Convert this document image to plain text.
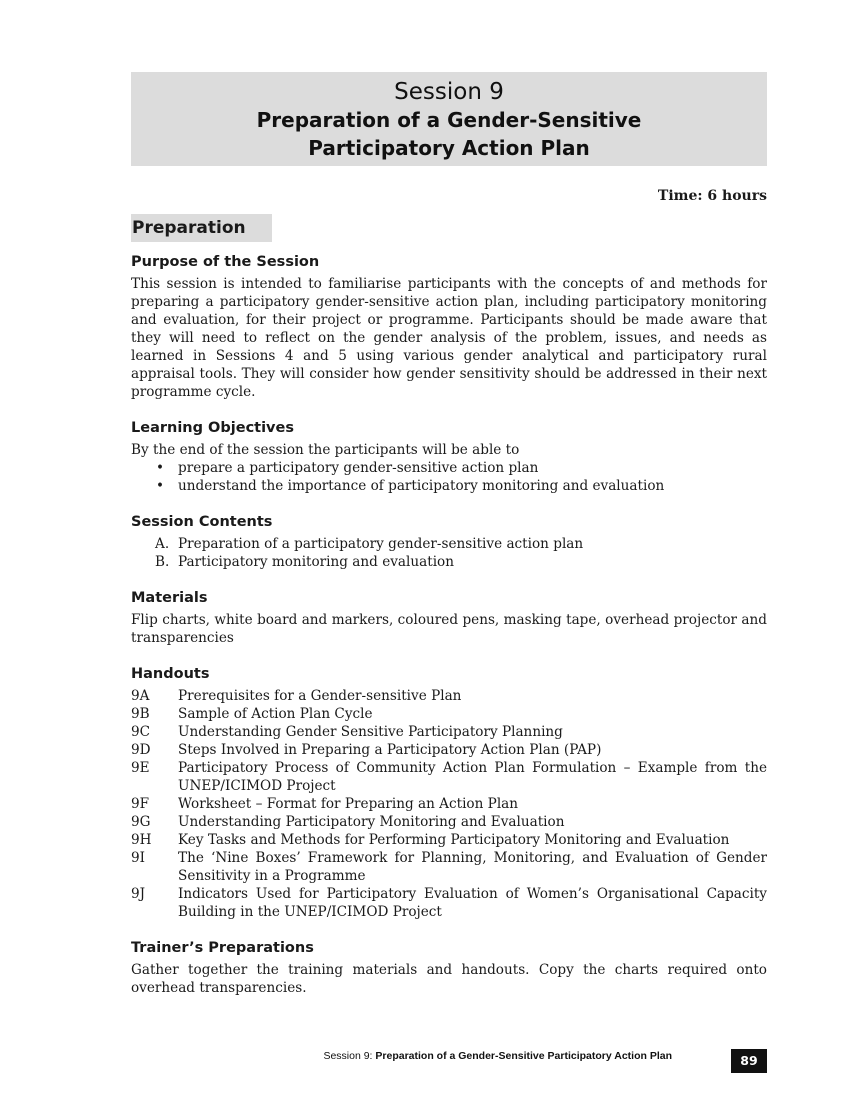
Session 9
Preparation of a Gender-Sensitive
Participatory Action Plan
Time: 6 hours
Preparation
Purpose of the Session

This session is intended to familiarise participants with the concepts of and methods for preparing a participatory gender-sensitive action plan, including participatory monitoring and evaluation, for their project or programme. Participants should be made aware that they will need to reflect on the gender analysis of the problem, issues, and needs as learned in Sessions 4 and 5 using various gender analytical and participatory rural appraisal tools. They will consider how gender sensitivity should be addressed in their next programme cycle.

Learning Objectives

By the end of the session the participants will be able to

• prepare a participatory gender-sensitive action plan
• understand the importance of participatory monitoring and evaluation
Session Contents
A. Preparation of a participatory gender-sensitive action plan
B. Participatory monitoring and evaluation
Materials

Flip charts, white board and markers, coloured pens, masking tape, overhead projector and transparencies

Handouts
9A	Prerequisites for a Gender-sensitive Plan
9B	Sample of Action Plan Cycle
9C	Understanding Gender Sensitive Participatory Planning
9D	Steps Involved in Preparing a Participatory Action Plan (PAP)
9E	Participatory Process of Community Action Plan Formulation – Example from the UNEP/ICIMOD Project
9F	Worksheet – Format for Preparing an Action Plan
9G	Understanding Participatory Monitoring and Evaluation
9H	Key Tasks and Methods for Performing Participatory Monitoring and Evaluation
9I	The ‘Nine Boxes’ Framework for Planning, Monitoring, and Evaluation of Gender Sensitivity in a Programme
9J	Indicators Used for Participatory Evaluation of Women’s Organisational Capacity Building in the UNEP/ICIMOD Project
Trainer’s Preparations

Gather together the training materials and handouts. Copy the charts required onto overhead transparencies.

Session 9: Preparation of a Gender-Sensitive Participatory Action Plan	89
